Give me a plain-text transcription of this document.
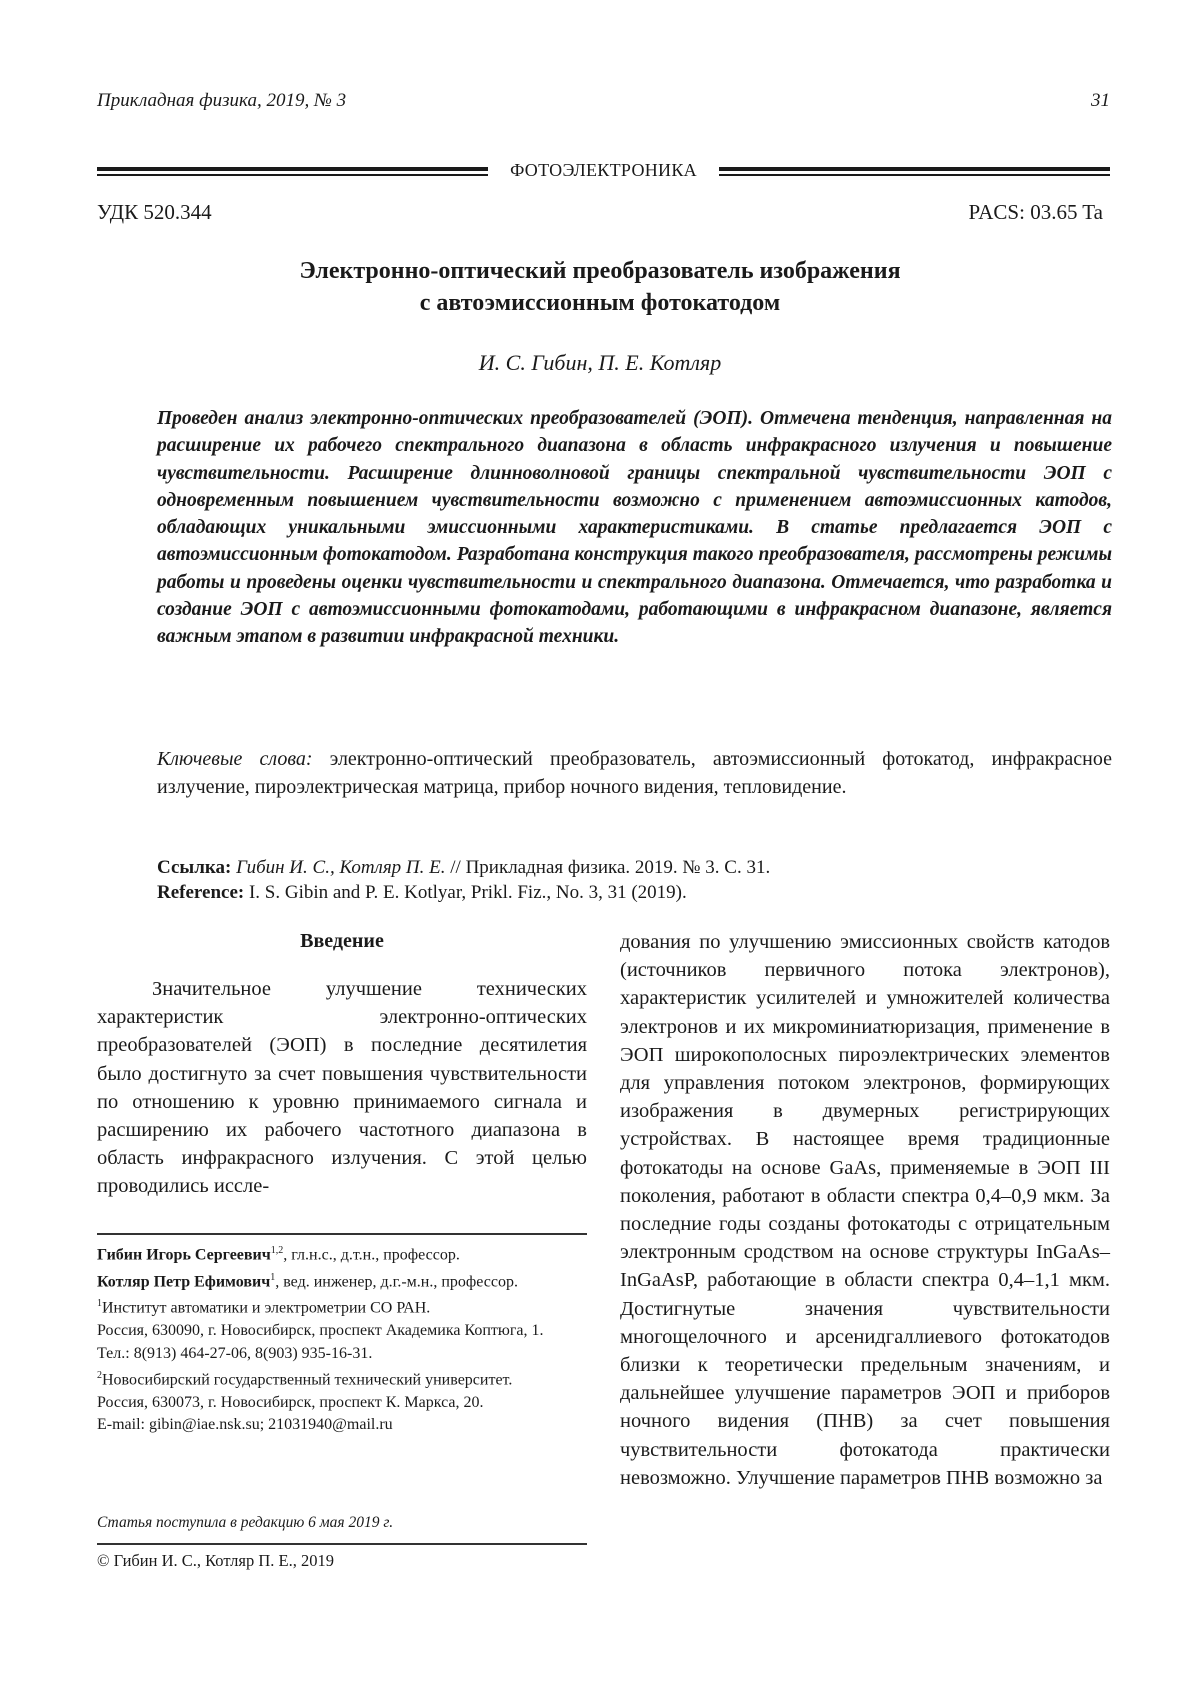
Прикладная физика, 2019, № 3	31
ФОТОЭЛЕКТРОНИКА
УДК 520.344	PACS: 03.65 Ta
Электронно-оптический преобразователь изображения
с автоэмиссионным фотокатодом
И. С. Гибин, П. Е. Котляр
Проведен анализ электронно-оптических преобразователей (ЭОП). Отмечена тенденция, направленная на расширение их рабочего спектрального диапазона в область инфракрасного излучения и повышение чувствительности. Расширение длинноволновой границы спектральной чувствительности ЭОП с одновременным повышением чувствительности возможно с применением автоэмиссионных катодов, обладающих уникальными эмиссионными характеристиками. В статье предлагается ЭОП с автоэмиссионным фотокатодом. Разработана конструкция такого преобразователя, рассмотрены режимы работы и проведены оценки чувствительности и спектрального диапазона. Отмечается, что разработка и создание ЭОП с автоэмиссионными фотокатодами, работающими в инфракрасном диапазоне, является важным этапом в развитии инфракрасной техники.
Ключевые слова: электронно-оптический преобразователь, автоэмиссионный фотокатод, инфракрасное излучение, пироэлектрическая матрица, прибор ночного видения, тепловидение.
Ссылка: Гибин И. С., Котляр П. Е. // Прикладная физика. 2019. № 3. С. 31.
Reference: I. S. Gibin and P. E. Kotlyar, Prikl. Fiz., No. 3, 31 (2019).
Введение
Значительное улучшение технических характеристик электронно-оптических преобразователей (ЭОП) в последние десятилетия было достигнуто за счет повышения чувствительности по отношению к уровню принимаемого сигнала и расширению их рабочего частотного диапазона в область инфракрасного излучения. С этой целью проводились иссле-
дования по улучшению эмиссионных свойств катодов (источников первичного потока электронов), характеристик усилителей и умножителей количества электронов и их микроминиатюризация, применение в ЭОП широкополосных пироэлектрических элементов для управления потоком электронов, формирующих изображения в двумерных регистрирующих устройствах. В настоящее время традиционные фотокатоды на основе GaAs, применяемые в ЭОП III поколения, работают в области спектра 0,4–0,9 мкм. За последние годы созданы фотокатоды с отрицательным электронным сродством на основе структуры InGaAs–InGaAsP, работающие в области спектра 0,4–1,1 мкм. Достигнутые значения чувствительности многощелочного и арсенидгаллиевого фотокатодов близки к теоретически предельным значениям, и дальнейшее улучшение параметров ЭОП и приборов ночного видения (ПНВ) за счет повышения чувствительности фотокатода практически невозможно. Улучшение параметров ПНВ возможно за
Гибин Игорь Сергеевич$^{1,2}$, гл.н.с., д.т.н., профессор.
Котляр Петр Ефимович$^1$, вед. инженер, д.г.-м.н., профессор.
$^1$Институт автоматики и электрометрии СО РАН.
Россия, 630090, г. Новосибирск, проспект Академика Коптюга, 1.
Тел.: 8(913) 464-27-06, 8(903) 935-16-31.
$^2$Новосибирский государственный технический университет.
Россия, 630073, г. Новосибирск, проспект К. Маркса, 20.
E-mail: gibin@iae.nsk.su; 21031940@mail.ru
Статья поступила в редакцию 6 мая 2019 г.
© Гибин И. С., Котляр П. Е., 2019
